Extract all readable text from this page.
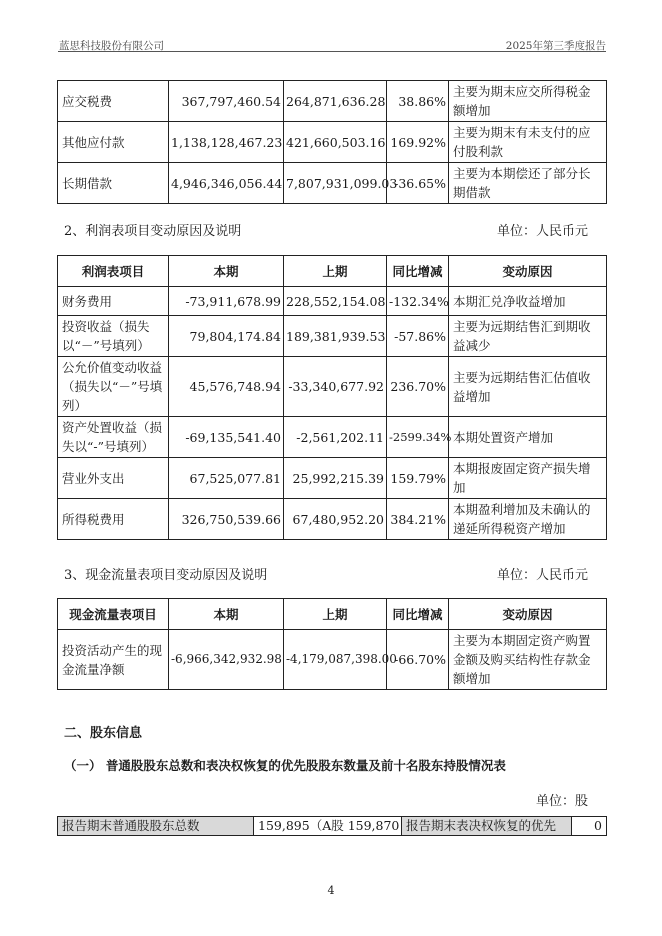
蓝思科技股份有限公司	2025年第三季度报告
应交税费	367,797,460.54	264,871,636.28	38.86%	主要为期末应交所得税金额增加
其他应付款	1,138,128,467.23	421,660,503.16	169.92%	主要为期末有未支付的应付股利款
长期借款	4,946,346,056.44	7,807,931,099.03	-36.65%	主要为本期偿还了部分长期借款
2、利润表项目变动原因及说明	单位：人民币元
利润表项目	本期	上期	同比增减	变动原因
财务费用	-73,911,678.99	228,552,154.08	-132.34%	本期汇兑净收益增加
投资收益（损失以“－”号填列）	79,804,174.84	189,381,939.53	-57.86%	主要为远期结售汇到期收益减少
公允价值变动收益（损失以“－”号填列）	45,576,748.94	-33,340,677.92	236.70%	主要为远期结售汇估值收益增加
资产处置收益（损失以“-”号填列）	-69,135,541.40	-2,561,202.11	-2599.34%	本期处置资产增加
营业外支出	67,525,077.81	25,992,215.39	159.79%	本期报废固定资产损失增加
所得税费用	326,750,539.66	67,480,952.20	384.21%	本期盈利增加及未确认的递延所得税资产增加
3、现金流量表项目变动原因及说明	单位：人民币元
现金流量表项目	本期	上期	同比增减	变动原因
投资活动产生的现金流量净额	-6,966,342,932.98	-4,179,087,398.00	-66.70%	主要为本期固定资产购置金额及购买结构性存款金额增加
二、股东信息
（一） 普通股股东总数和表决权恢复的优先股股东数量及前十名股东持股情况表
单位：股
报告期末普通股股东总数	159,895（A股 159,870	报告期末表决权恢复的优先	0
4
